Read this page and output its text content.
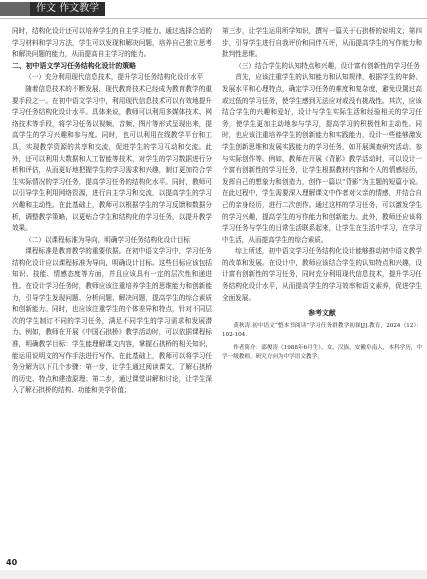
作文 作文教学

同时，结构化设计还可以培养学生的自主学习能力。通过选择合适的学习材料和学习方法，学生可以发现和解决问题，培养自己独立思考和解决问题的能力，从而提高自主学习的能力。

二、初中语文学习任务结构化设计的策略
（一）充分利用现代信息技术，提升学习任务结构化设计水平

随着信息技术的不断发展，现代教育技术已经成为教育教学的重要手段之一。在初中语文学习中，利用现代信息技术可以有效地提升学习任务结构化设计水平。具体来说，教师可以利用多媒体技术、网络技术等手段，将学习任务以视频、音频、图片等形式呈现出来，提高学生的学习兴趣和参与度。同时，也可以利用在线教学平台和工具，实现教学资源的共享和交流，促进学生的学习互动和交流。此外，还可以利用大数据和人工智能等技术，对学生的学习数据进行分析和评估，从而更好地把握学生的学习需求和兴趣，制订更加符合学生实际情况的学习任务，提高学习任务的结构化水平。同时，教师可以引导学生利用网络资源，进行自主学习和交流，以提高学生的学习兴趣和主动性。在此基础上，教师可以根据学生的学习反馈和数据分析，调整教学策略，以更贴合学生和结构化的学习任务，以提升教学效果。

（二）以课程标准为导向，明确学习任务结构化设计目标

课程标准是教育教学的重要依据。在初中语文学习中，学习任务结构化设计应以课程标准为导向，明确设计目标。这些目标应该包括知识、技能、情感态度等方面，并且应该具有一定的层次性和递进性。在设计学习任务时，教师应该注重培养学生的思维能力和创新能力，引导学生发现问题、分析问题、解决问题，提高学生的综合素质和创新能力。同时，也应该注重学生的个体差异和特点，针对不同层次的学生制订不同的学习任务，满足不同学生的学习需求和发展潜力。例如，教师在开展《中国石拱桥》教学活动时，可以依据课程标准，明确教学目标：学生能理解课文内容，掌握石拱桥的相关知识，能运用说明文的写作手法进行写作。在此基础上，教师可以将学习任务分解为以下几个步骤：第一步，让学生通过阅读课文，了解石拱桥的历史、特点和建造原理；第二步，通过课堂讲解和讨论，让学生深入了解石拱桥的结构、功能和美学价值；

第三步，让学生运用所学知识，撰写一篇关于石拱桥的说明文；第四步，引导学生进行自我评价和同伴互评，从而提高学生的写作能力和批判性思维。

（三）结合学生的认知特点和兴趣，设计富有创新性的学习任务

首先，应该注重学生的认知能力和认知规律，根据学生的年龄、发展水平和心理特点，确定学习任务的难度和复杂度，避免设置过高或过低的学习任务，使学生感到无法应对或没有挑战性。其次，应该结合学生的兴趣和爱好，设计与学生实际生活和经验相关的学习任务，使学生更加主动地参与学习，提高学习的积极性和主动性。同时，也应该注重培养学生的创新能力和实践能力，设计一些能够激发学生创新思维和发展实践能力的学习任务，如开展调查研究活动、参与实际创作等。例如，教师在开展《背影》教学活动时，可以设计一个富有创新性的学习任务，让学生根据教材内容和个人的情感经历，发挥自己的想象力和创造力，创作一篇以“背影”为主题的短篇小说。在此过程中，学生需要深入理解课文中作者对父亲的情感，并结合自己的亲身经历，进行二次创作。通过这样的学习任务，可以激发学生的学习兴趣，提高学生的写作能力和创新能力。此外，教师还应该将学习任务与学生的日常生活联系起来，让学生在生活中学习，在学习中生活，从而提高学生的综合素质。

综上所述，初中语文学习任务结构化设计能够推动初中语文教学的改革和发展。在设计中，教师应该结合学生的认知特点和兴趣，设计富有创新性的学习任务，同时充分利用现代信息技术，提升学习任务结构化设计水平，从而提高学生的学习效率和语文素养，促进学生全面发展。

参考文献
黄秋涛.初中语文“整本书阅读”学习任务群教学初探[J].教育，2024（12）：102-104.
作者简介：邵俊涛（1988年6月生），女，汉族，安徽阜南人，本科学历，中学一级教师，研究方向为中学语文教学。
40
